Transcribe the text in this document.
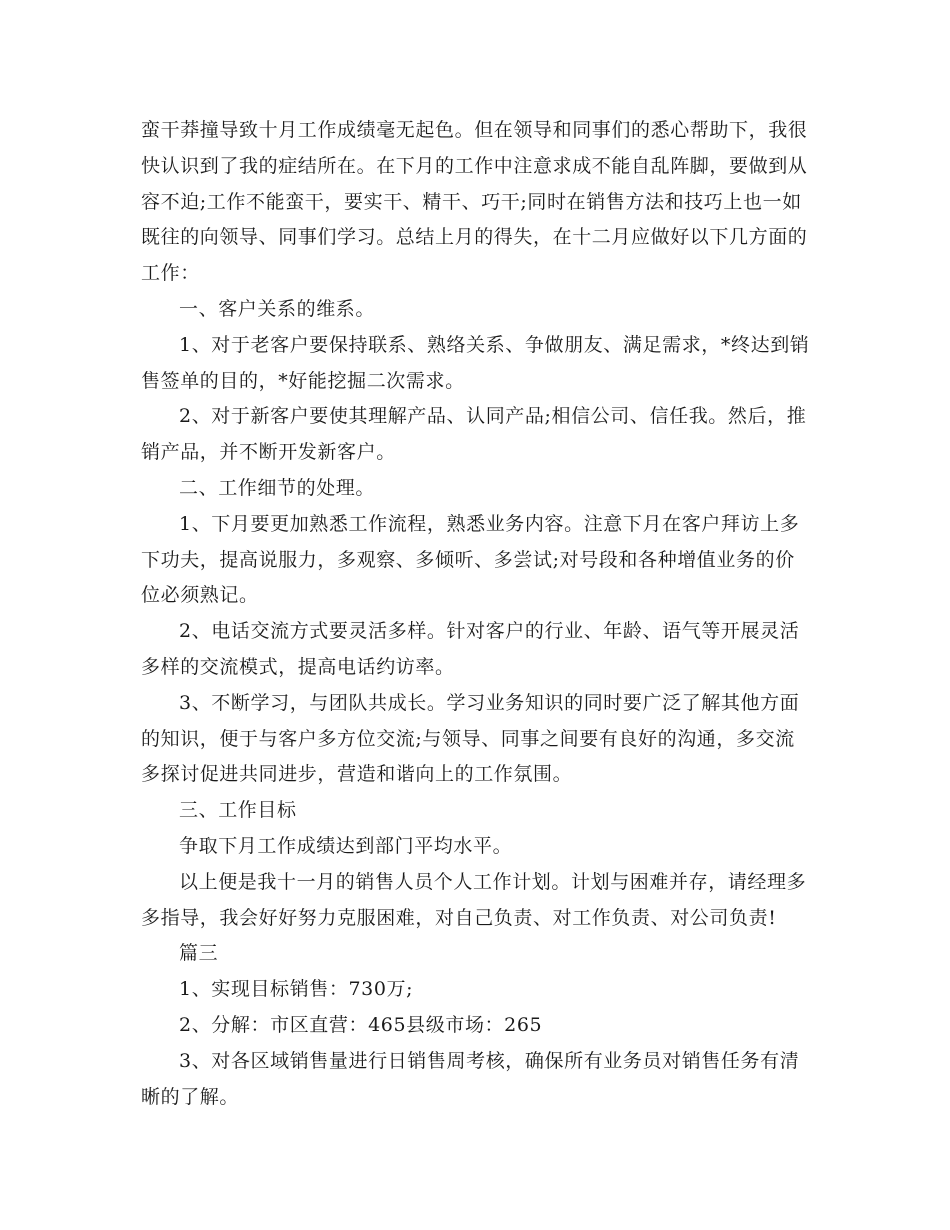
蛮干莽撞导致十月工作成绩毫无起色。但在领导和同事们的悉心帮助下，我很快认识到了我的症结所在。在下月的工作中注意求成不能自乱阵脚，要做到从容不迫;工作不能蛮干，要实干、精干、巧干;同时在销售方法和技巧上也一如既往的向领导、同事们学习。总结上月的得失，在十二月应做好以下几方面的工作：

一、客户关系的维系。

1、对于老客户要保持联系、熟络关系、争做朋友、满足需求，*终达到销售签单的目的，*好能挖掘二次需求。

2、对于新客户要使其理解产品、认同产品;相信公司、信任我。然后，推销产品，并不断开发新客户。

二、工作细节的处理。

1、下月要更加熟悉工作流程，熟悉业务内容。注意下月在客户拜访上多下功夫，提高说服力，多观察、多倾听、多尝试;对号段和各种增值业务的价位必须熟记。

2、电话交流方式要灵活多样。针对客户的行业、年龄、语气等开展灵活多样的交流模式，提高电话约访率。

3、不断学习，与团队共成长。学习业务知识的同时要广泛了解其他方面的知识，便于与客户多方位交流;与领导、同事之间要有良好的沟通，多交流多探讨促进共同进步，营造和谐向上的工作氛围。

三、工作目标

争取下月工作成绩达到部门平均水平。

以上便是我十一月的销售人员个人工作计划。计划与困难并存，请经理多多指导，我会好好努力克服困难，对自己负责、对工作负责、对公司负责!

篇三

1、实现目标销售：730万;

2、分解：市区直营：465县级市场：265

3、对各区域销售量进行日销售周考核，确保所有业务员对销售任务有清晰的了解。
